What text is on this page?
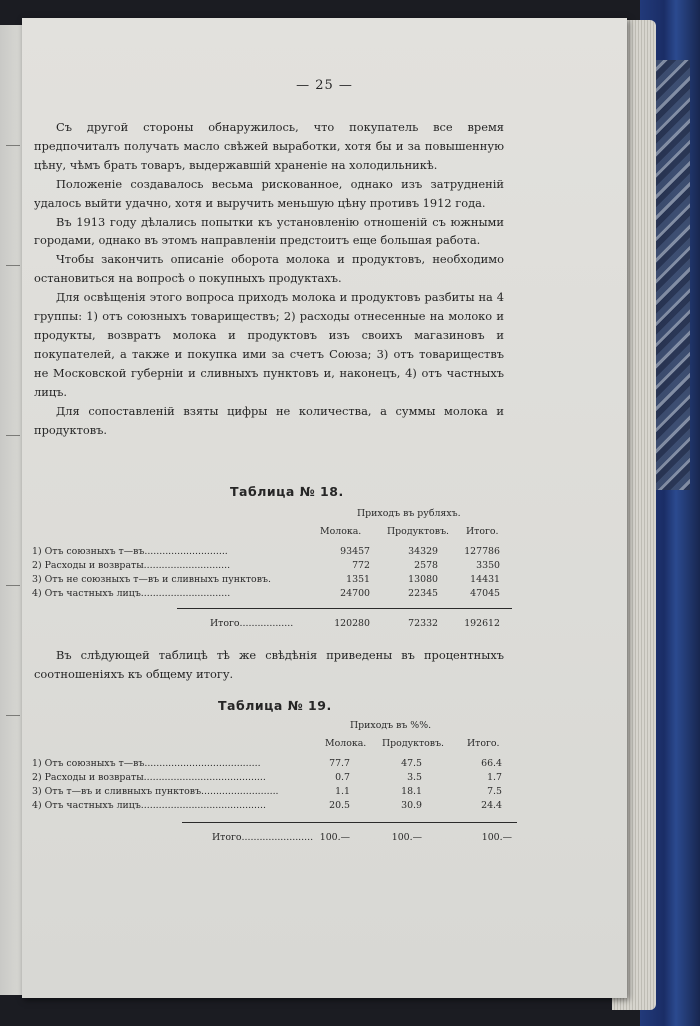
— 25 —

Съ другой стороны обнаружилось, что покупатель все время предпочиталъ получать масло свѣжей выработки, хотя бы и за повышенную цѣну, чѣмъ брать товаръ, выдержавшій храненіе на холодильникѣ.

Положеніе создавалось весьма рискованное, однако изъ затрудненій удалось выйти удачно, хотя и выручить меньшую цѣну противъ 1912 года.

Въ 1913 году дѣлались попытки къ установленію отношеній съ южными городами, однако въ этомъ направленіи предстоитъ еще большая работа.

Чтобы закончить описаніе оборота молока и продуктовъ, необходимо остановиться на вопросѣ о покупныхъ продуктахъ.

Для освѣщенія этого вопроса приходъ молока и продуктовъ разбиты на 4 группы: 1) отъ союзныхъ товариществъ; 2) расходы отнесенные на молоко и продукты, возвратъ молока и продуктовъ изъ своихъ магазиновъ и покупателей, а также и покупка ими за счетъ Союза; 3) отъ товариществъ не Московской губерніи и сливныхъ пунктовъ и, наконецъ, 4) отъ частныхъ лицъ.

Для сопоставленій взяты цифры не количества, а суммы молока и продуктовъ.

Таблица № 18.
Приходъ въ рубляхъ.
Молока.	Продуктовъ. Итого.
1) Отъ союзныхъ т—въ............................	93457	34329	127786
2) Расходы и возвраты.............................	772	2578	3350
3) Отъ не союзныхъ т—въ и сливныхъ пунктовъ.	1351	13080	14431
4) Отъ частныхъ лицъ..............................	24700	22345	47045
Итого..................	120280	72332	192612

Въ слѣдующей таблицѣ тѣ же свѣдѣнія приведены въ процентныхъ соотношеніяхъ къ общему итогу.

Таблица № 19.
Приходъ въ %%.
Молока. Продуктовъ. Итого.
1) Отъ союзныхъ т—въ.......................................	77.7	47.5	66.4
2) Расходы и возвраты.........................................	0.7	3.5	1.7
3) Отъ т—въ и сливныхъ пунктовъ..........................	1.1	18.1	7.5
4) Отъ частныхъ лицъ..........................................	20.5	30.9	24.4
Итого........................ 100.—	100.—	100.—
